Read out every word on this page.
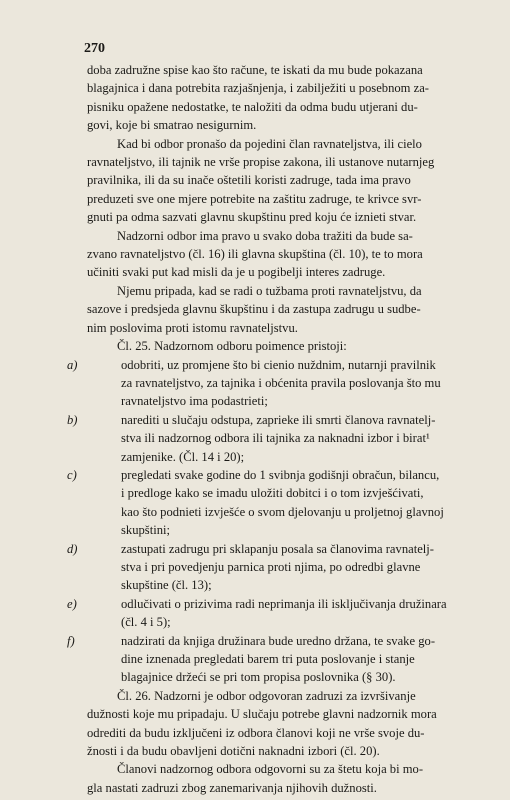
270
doba zadružne spise kao što račune, te iskati da mu bude pokazana
blagajnica i dana potrebita razjašnjenja, i zabilježiti u posebnom za-
pisniku opažene nedostatke, te naložiti da odma budu utjerani du-
govi, koje bi smatrao nesigurnim.
Kad bi odbor pronašo da pojedini član ravnateljstva, ili cielo
ravnateljstvo, ili tajnik ne vrše propise zakona, ili ustanove nutarnjeg
pravilnika, ili da su inače oštetili koristi zadruge, tada ima pravo
preduzeti sve one mjere potrebite na zaštitu zadruge, te krivce svr-
gnuti pa odma sazvati glavnu skupštinu pred koju će iznieti stvar.
Nadzorni odbor ima pravo u svako doba tražiti da bude sa-
zvano ravnateljstvo (čl. 16) ili glavna skupština (čl. 10), te to mora
učiniti svaki put kad misli da je u pogibelji interes zadruge.
Njemu pripada, kad se radi o tužbama proti ravnateljstvu, da
sazove i predsjeda glavnu škupštinu i da zastupa zadrugu u sudbe-
nim poslovima proti istomu ravnateljstvu.
Čl. 25. Nadzornom odboru poimence pristoji:
a)	odobriti, uz promjene što bi cienio nuždnim, nutarnji pravilnik
za ravnateljstvo, za tajnika i obćenita pravila poslovanja što mu
ravnateljstvo ima podastrieti;
b)	narediti u slučaju odstupa, zaprieke ili smrti članova ravnatelj-
stva ili nadzornog odbora ili tajnika za naknadni izbor i birat¹
zamjenike. (Čl. 14 i 20);
c)	pregledati svake godine do 1 svibnja godišnji obračun, bilancu,
i predloge kako se imadu uložiti dobitci i o tom izvješćivati,
kao što podnieti izvješće o svom djelovanju u proljetnoj glavnoj
skupštini;
d)	zastupati zadrugu pri sklapanju posala sa članovima ravnatelj-
stva i pri povedjenju parnica proti njima, po odredbi glavne
skupštine (čl. 13);
e)	odlučivati o prizivima radi neprimanja ili isključivanja družinara
(čl. 4 i 5);
f)	nadzirati da knjiga družinara bude uredno držana, te svake go-
dine iznenada pregledati barem tri puta poslovanje i stanje
blagajnice držeći se pri tom propisa poslovnika (§ 30).
Čl. 26. Nadzorni je odbor odgovoran zadruzi za izvršivanje
dužnosti koje mu pripadaju. U slučaju potrebe glavni nadzornik mora
odrediti da budu izključeni iz odbora članovi koji ne vrše svoje du-
žnosti i da budu obavljeni dotični naknadni izbori (čl. 20).
Članovi nadzornog odbora odgovorni su za štetu koja bi mo-
gla nastati zadruzi zbog zanemarivanja njihovih dužnosti.
